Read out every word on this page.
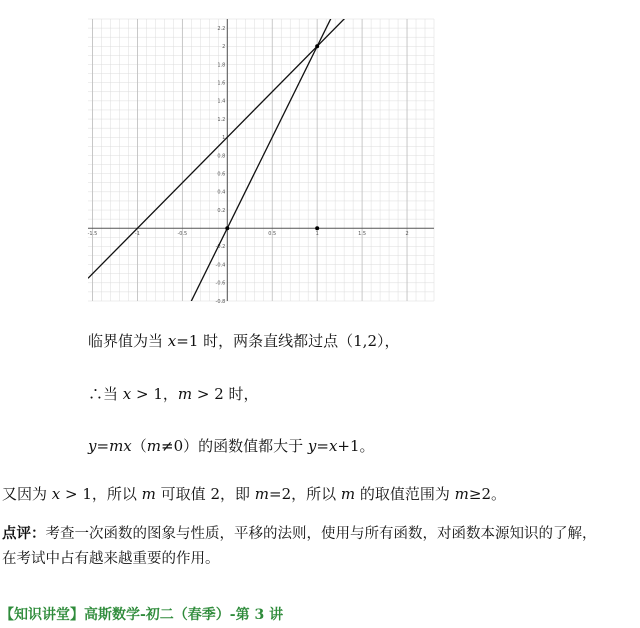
-1.5	-1	-0.5	0.5	1	1.5	2
2.2
2
1.8
1.6
1.4
1.2
1
0.8
0.6
0.4
0.2
-0.2
-0.4
-0.6
-0.8
临界值为当 x=1 时，两条直线都过点（1,2），
∴当 x > 1，m > 2 时，
y=mx（m≠0）的函数值都大于 y=x+1。
又因为 x > 1，所以 m 可取值 2，即 m=2，所以 m 的取值范围为 m≥2。
点评：考查一次函数的图象与性质，平移的法则，使用与所有函数，对函数本源知识的了解，
在考试中占有越来越重要的作用。
【知识讲堂】高斯数学-初二（春季）-第 3 讲
